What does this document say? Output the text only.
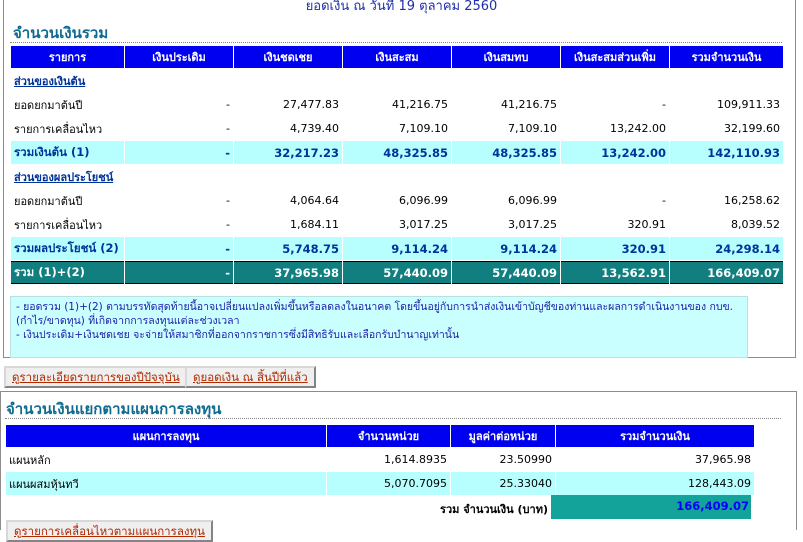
ยอดเงิน ณ วันที่ 19 ตุลาคม 2560
จำนวนเงินรวม
รายการ	เงินประเดิม	เงินชดเชย	เงินสะสม	เงินสมทบ	เงินสะสมส่วนเพิ่ม	รวมจำนวนเงิน
ส่วนของเงินต้น						
ยอดยกมาต้นปี	-	27,477.83	41,216.75	41,216.75	-	109,911.33
รายการเคลื่อนไหว	-	4,739.40	7,109.10	7,109.10	13,242.00	32,199.60
รวมเงินต้น (1)	-	32,217.23	48,325.85	48,325.85	13,242.00	142,110.93
ส่วนของผลประโยชน์						
ยอดยกมาต้นปี	-	4,064.64	6,096.99	6,096.99	-	16,258.62
รายการเคลื่อนไหว	-	1,684.11	3,017.25	3,017.25	320.91	8,039.52
รวมผลประโยชน์ (2)	-	5,748.75	9,114.24	9,114.24	320.91	24,298.14
รวม (1)+(2)	-	37,965.98	57,440.09	57,440.09	13,562.91	166,409.07
- ยอดรวม (1)+(2) ตามบรรทัดสุดท้ายนี้อาจเปลี่ยนแปลงเพิ่มขึ้นหรือลดลงในอนาคต โดยขึ้นอยู่กับการนำส่งเงินเข้าบัญชีของท่านและผลการดำเนินงานของ กบข.(กำไร/ขาดทุน) ที่เกิดจากการลงทุนแต่ละช่วงเวลา
- เงินประเดิม+เงินชดเชย จะจ่ายให้สมาชิกที่ออกจากราชการซึ่งมีสิทธิรับและเลือกรับบำนาญเท่านั้น
ดูรายละเอียดรายการของปีปัจจุบัน	ดูยอดเงิน ณ สิ้นปีที่แล้ว
จำนวนเงินแยกตามแผนการลงทุน
แผนการลงทุน	จำนวนหน่วย	มูลค่าต่อหน่วย	รวมจำนวนเงิน
แผนหลัก	1,614.8935	23.50990	37,965.98
แผนผสมหุ้นทวี	5,070.7095	25.33040	128,443.09
รวม จำนวนเงิน (บาท)	166,409.07
ดูรายการเคลื่อนไหวตามแผนการลงทุน
